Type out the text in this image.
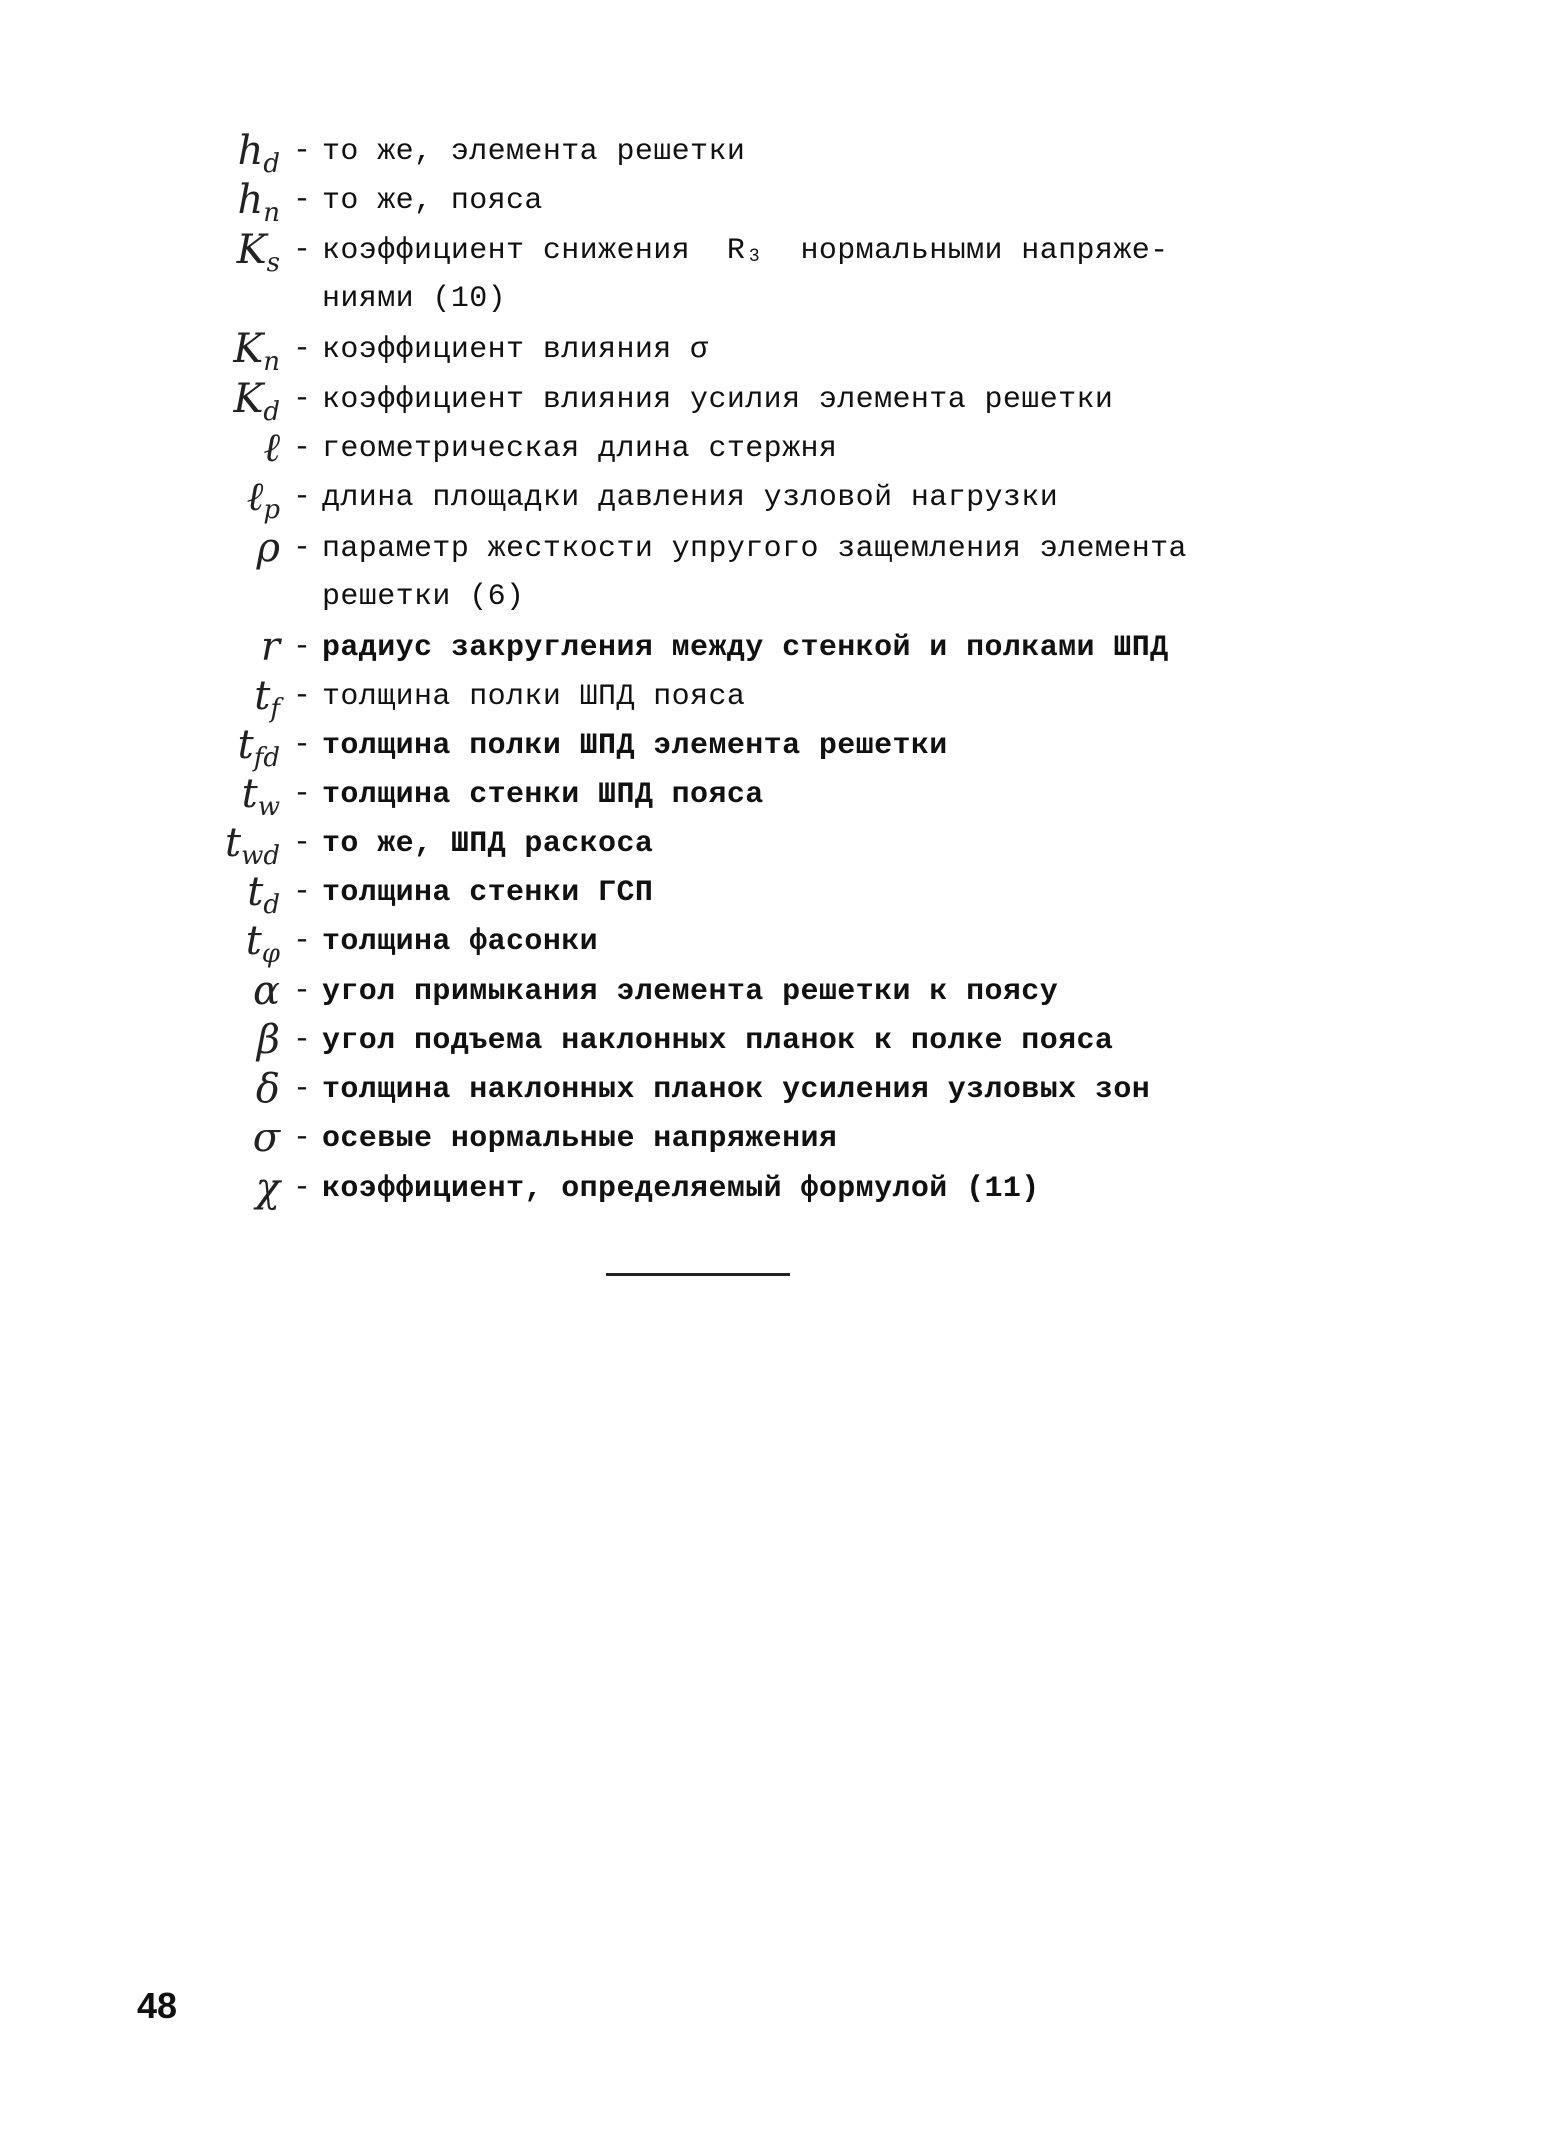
$h_d$ - то же, элемента решетки
$h_n$ - то же, пояса
$K_s$ - коэффициент снижения  R₃  нормальными напряже-
ниями (10)
$K_n$ - коэффициент влияния σ
$K_d$ - коэффициент влияния усилия элемента решетки
ℓ - геометрическая длина стержня
ℓ$_p$ - длина площадки давления узловой нагрузки
ρ - параметр жесткости упругого защемления элемента
решетки (6)
r - радиус закругления между стенкой и полками ШПД
$t_f$ - толщина полки ШПД пояса
$t_{fd}$ - толщина полки ШПД элемента решетки
$t_w$ - толщина стенки ШПД пояса
$t_{wd}$ - то же, ШПД раскоса
$t_d$ - толщина стенки ГСП
$t_\varphi$ - толщина фасонки
α - угол примыкания элемента решетки к поясу
β - угол подъема наклонных планок к полке пояса
δ - толщина наклонных планок усиления узловых зон
σ - осевые нормальные напряжения
χ - коэффициент, определяемый формулой (11)
48
